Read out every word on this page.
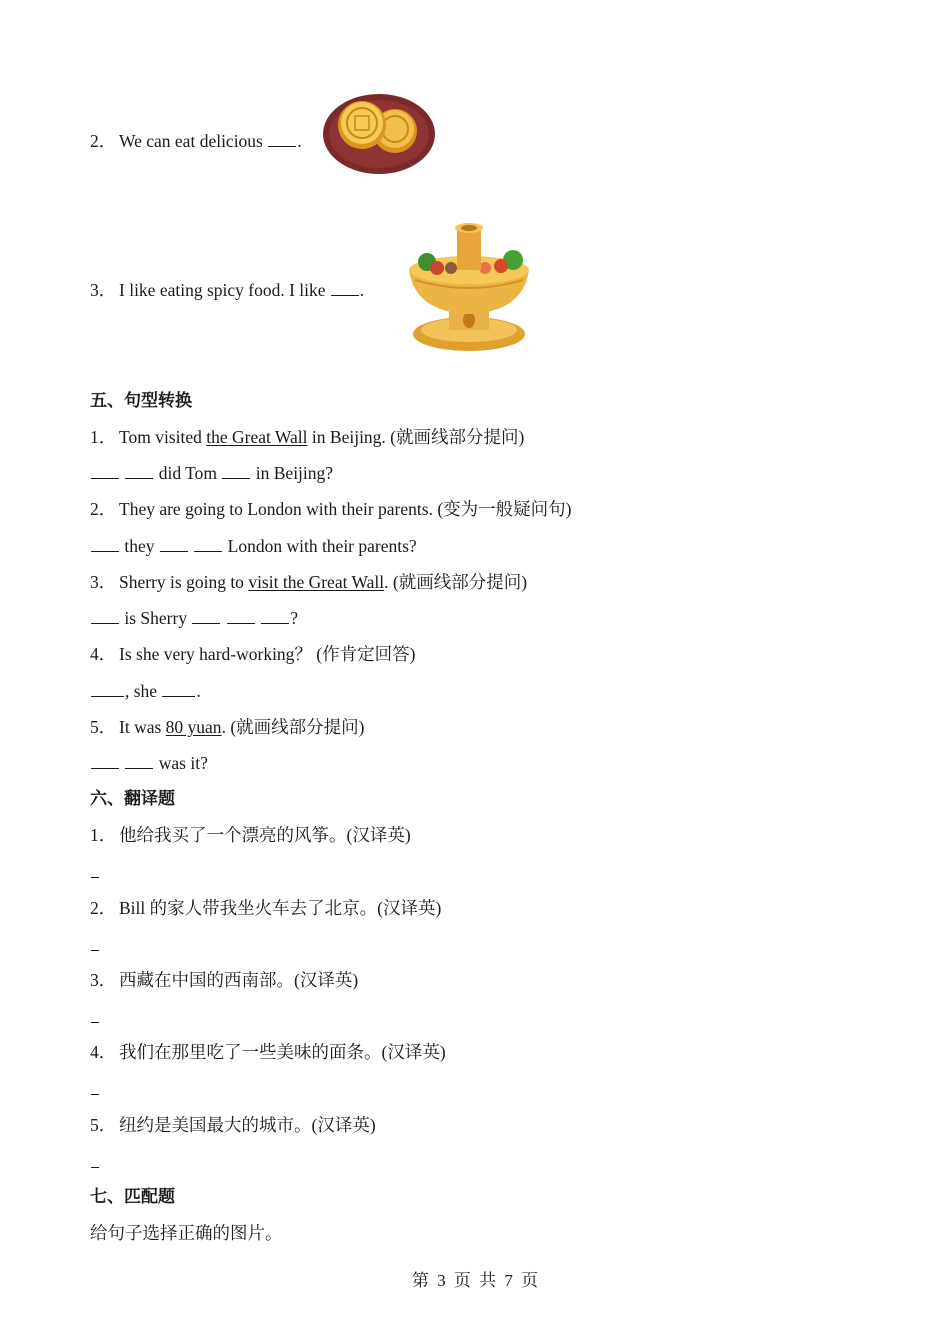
2． We can eat delicious .
3． I like eating spicy food. I like .
五、句型转换
1． Tom visited the Great Wall in Beijing. (就画线部分提问)
did Tom  in Beijing?
2． They are going to London with their parents. (变为一般疑问句)
they	London with their parents?
3． Sherry is going to visit the Great Wall. (就画线部分提问)
is Sherry	?
4． Is she very hard-working？ (作肯定回答)
, she .
5． It was 80 yuan. (就画线部分提问)
was it?
六、翻译题
1． 他给我买了一个漂亮的风筝。(汉译英)
2． Bill 的家人带我坐火车去了北京。(汉译英)
3． 西藏在中国的西南部。(汉译英)
4． 我们在那里吃了一些美味的面条。(汉译英)
5． 纽约是美国最大的城市。(汉译英)
七、匹配题
给句子选择正确的图片。
第 3 页 共 7 页
